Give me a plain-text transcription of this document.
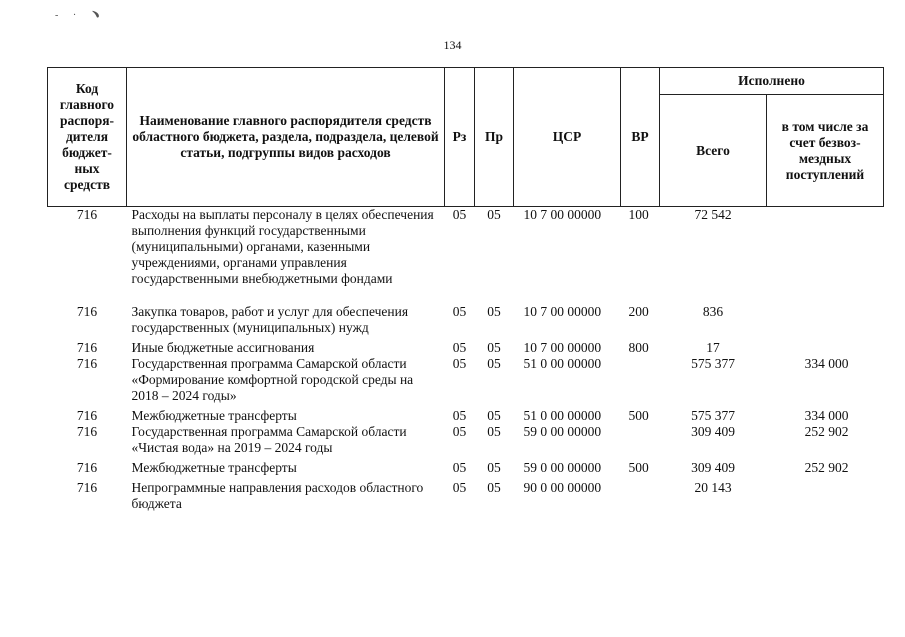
‐ · ﹅
134
Код главного распоря-дителя бюджет-ных средств	Наименование главного распорядителя средств областного бюджета, раздела, подраздела, целевой статьи, подгруппы видов расходов	Рз	Пр	ЦСР	ВР	Исполнено	
						Всего	в том числе за счет безвоз-мездных поступлений
716	Расходы на выплаты персоналу в целях обеспечения выполнения функций государственными (муниципальными) органами, казенными учреждениями, органами управления государственными внебюджетными фондами	05	05	10 7 00 00000	100	72 542	
716	Закупка товаров, работ и услуг для обеспечения государственных (муниципальных) нужд	05	05	10 7 00 00000	200	836	
716	Иные бюджетные ассигнования	05	05	10 7 00 00000	800	17	
716	Государственная программа Самарской области «Формирование комфортной городской среды на 2018 – 2024 годы»	05	05	51 0 00 00000		575 377	334 000
716	Межбюджетные трансферты	05	05	51 0 00 00000	500	575 377	334 000
716	Государственная программа Самарской области «Чистая вода» на 2019 – 2024 годы	05	05	59 0 00 00000		309 409	252 902
716	Межбюджетные трансферты	05	05	59 0 00 00000	500	309 409	252 902
716	Непрограммные направления расходов областного бюджета	05	05	90 0 00 00000		20 143	
